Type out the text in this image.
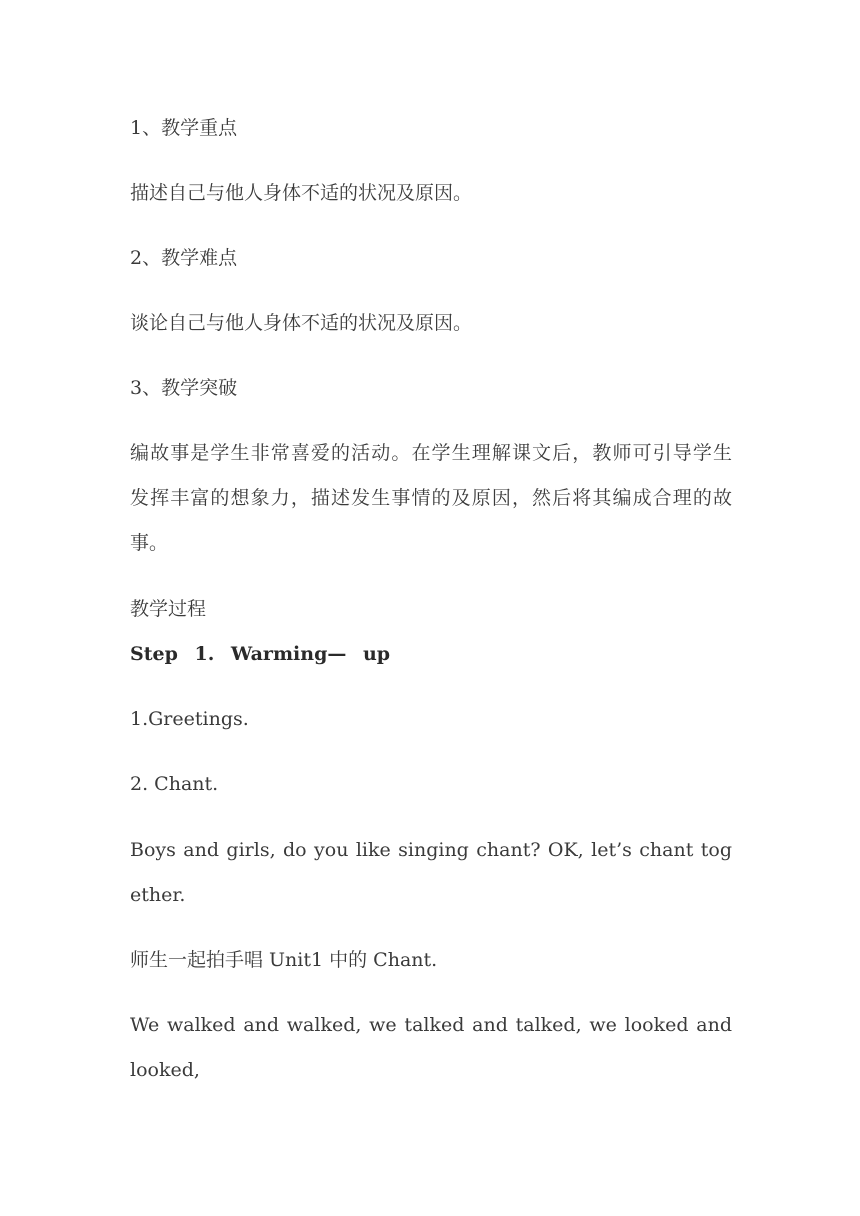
1、教学重点
描述自己与他人身体不适的状况及原因。
2、教学难点
谈论自己与他人身体不适的状况及原因。
3、教学突破
编故事是学生非常喜爱的活动。在学生理解课文后，教师可引导学生
发挥丰富的想象力，描述发生事情的及原因，然后将其编成合理的故
事。
教学过程
Step 1. Warming— up
1.Greetings.
2. Chant.
Boys and girls, do you like singing chant? OK, let’s chant tog
ether.
师生一起拍手唱 Unit1 中的 Chant.
We walked and walked, we talked and talked, we looked and
looked,
